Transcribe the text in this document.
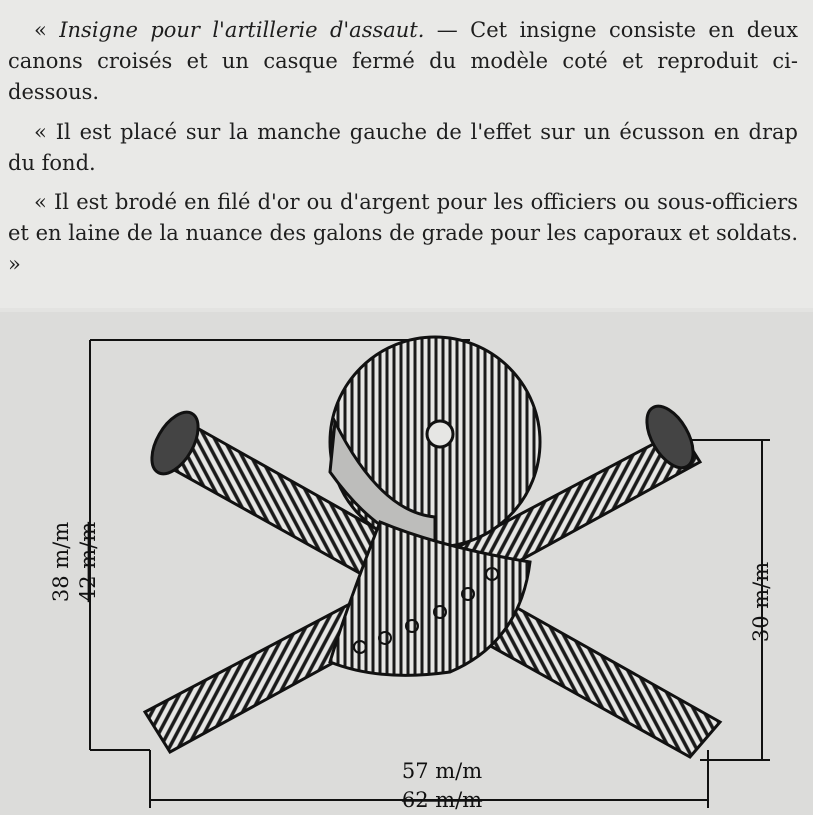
« Insigne pour l'artillerie d'assaut. — Cet insigne consiste en deux canons croisés et un casque fermé du modèle coté et reproduit ci-dessous.

« Il est placé sur la manche gauche de l'effet sur un écusson en drap du fond.

« Il est brodé en filé d'or ou d'argent pour les officiers ou sous-officiers et en laine de la nuance des galons de grade pour les caporaux et soldats. »

38 m/m 42 m/m	30 m/m
57 m/m
62 m/m
